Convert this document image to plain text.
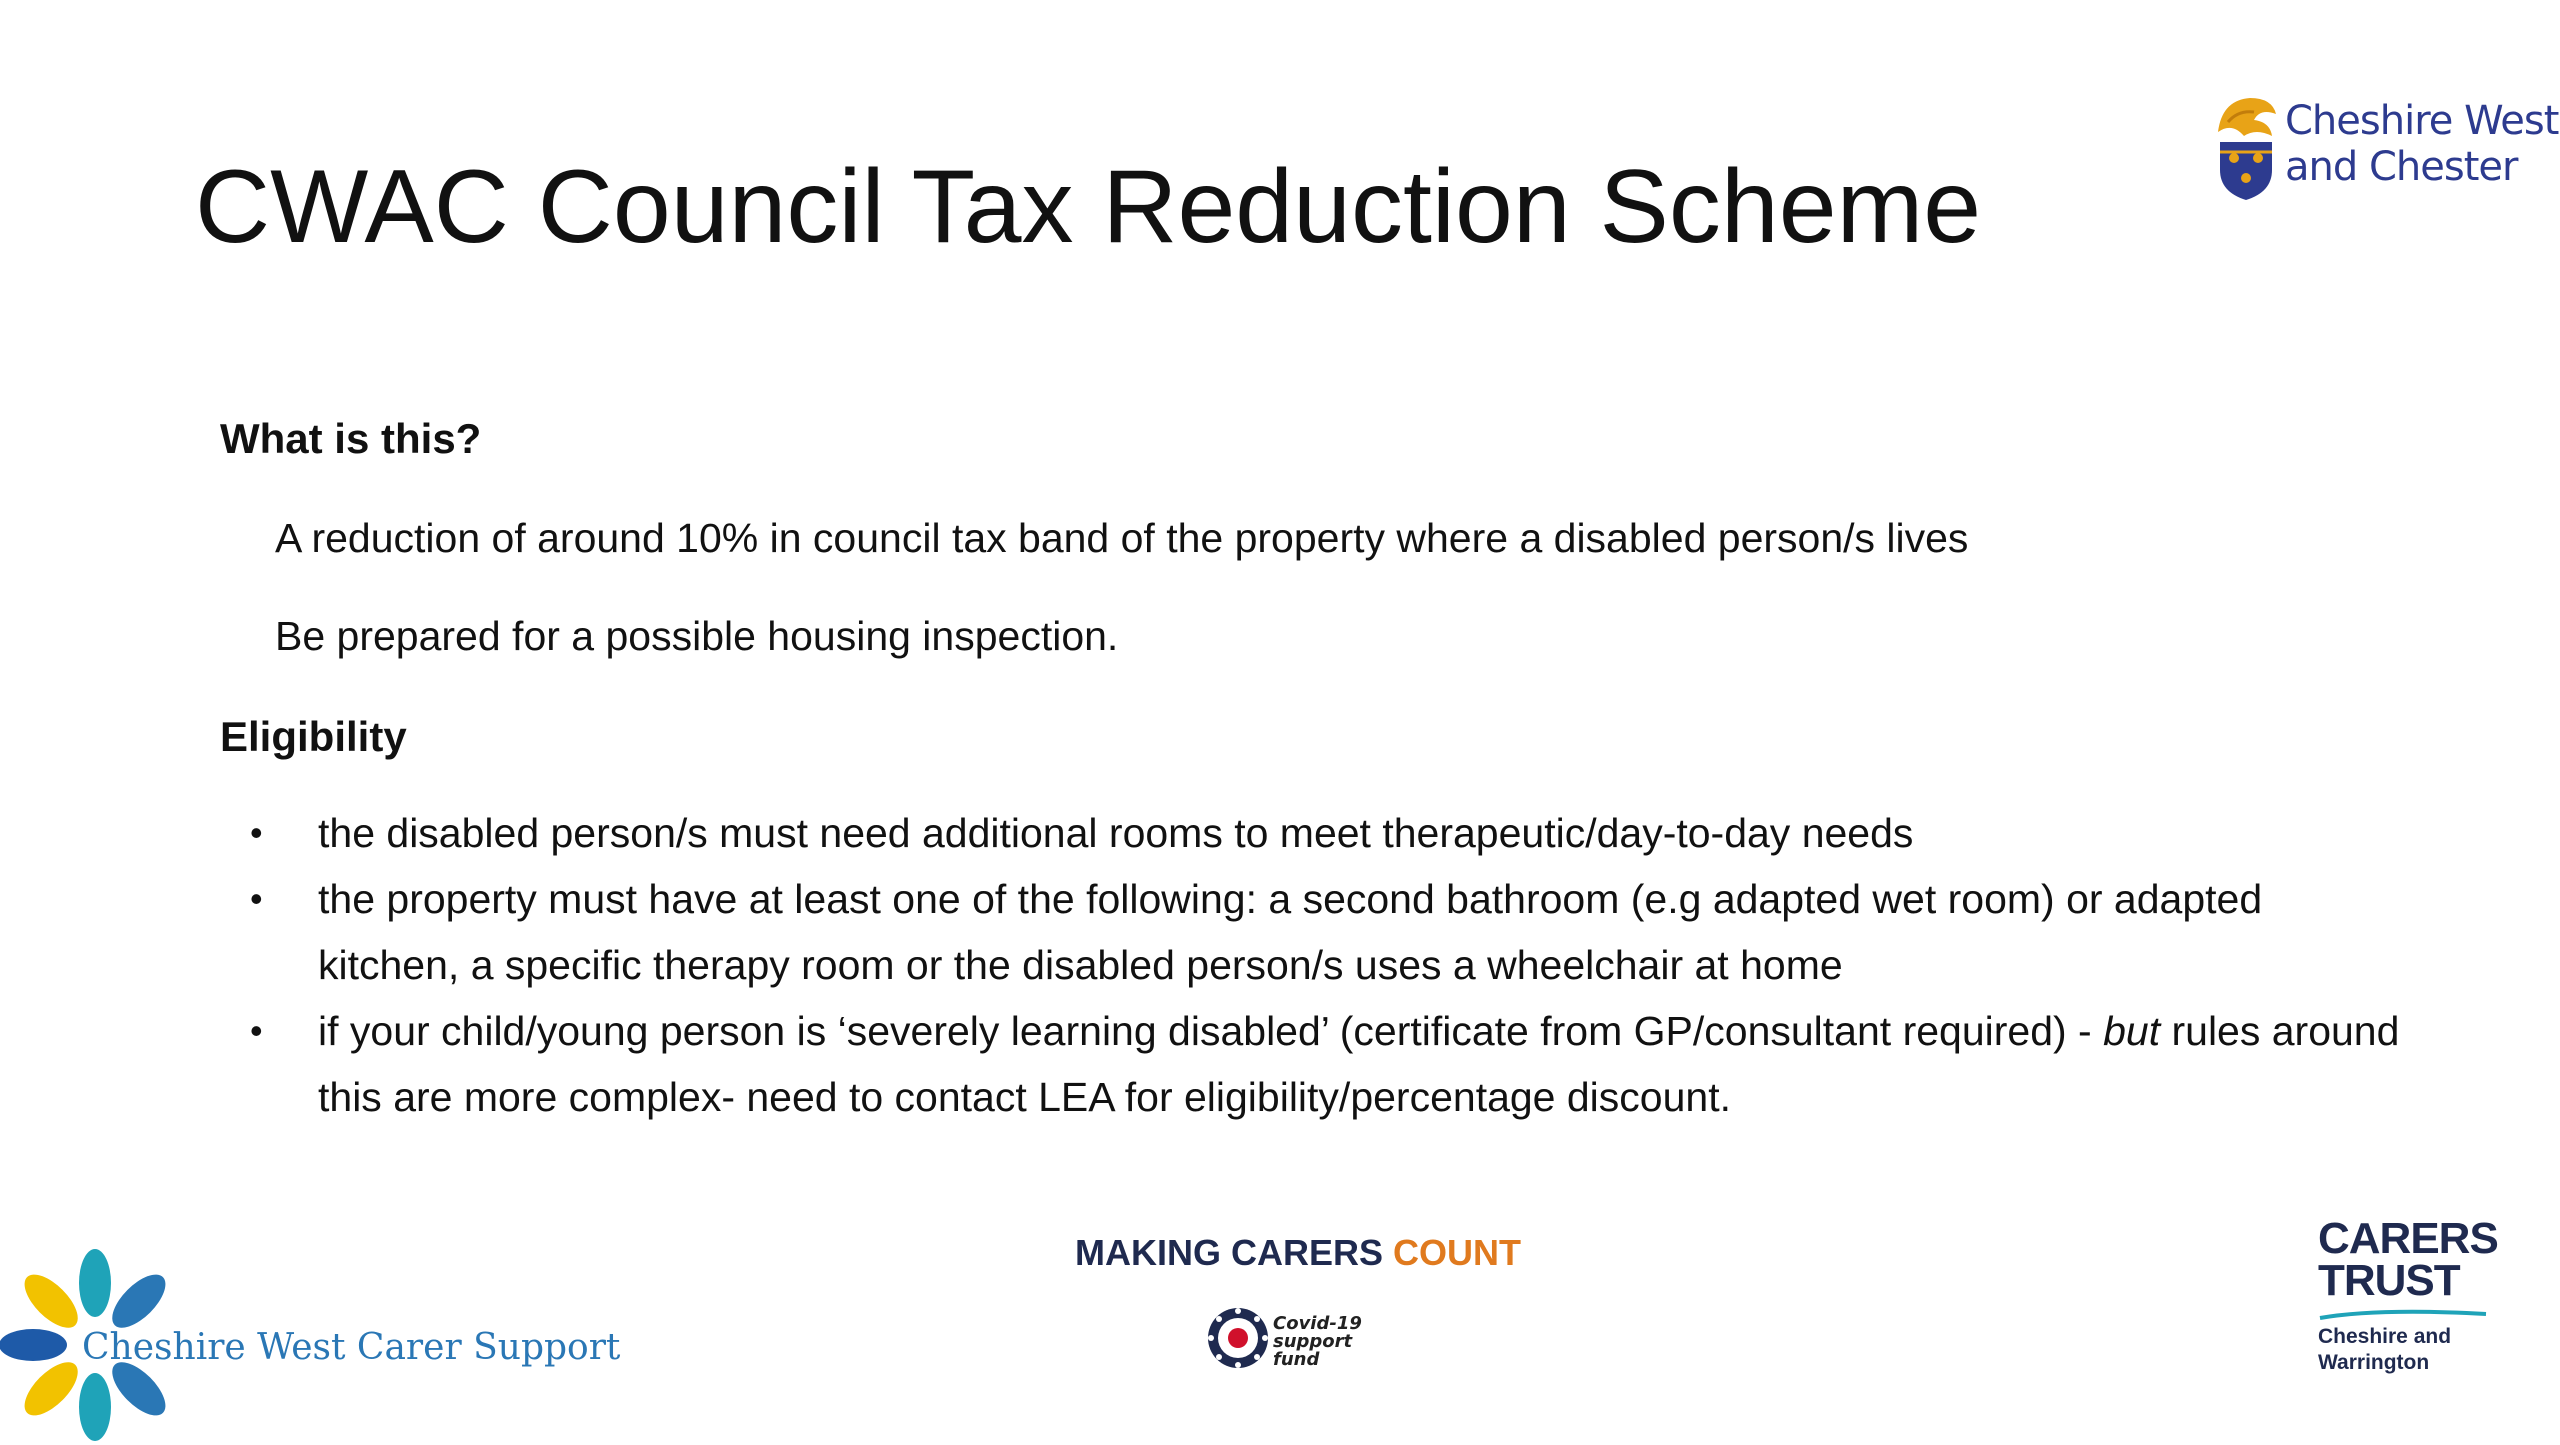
CWAC Council Tax Reduction Scheme
Cheshire West
and Chester
What is this?
A reduction of around 10% in council tax band of the property where a disabled person/s lives
Be prepared for a possible housing inspection.
Eligibility
• the disabled person/s must need additional rooms to meet therapeutic/day-to-day needs
• the property must have at least one of the following: a second bathroom (e.g adapted wet room) or adapted kitchen, a specific therapy room or the disabled person/s uses a wheelchair at home
• if your child/young person is ‘severely learning disabled’ (certificate from GP/consultant required) - but rules around this are more complex- need to contact LEA for eligibility/percentage discount.
Cheshire West Carer Support
MAKING CARERS COUNT
Covid-19
support
fund
CARERS
TRUST
Cheshire and
Warrington
